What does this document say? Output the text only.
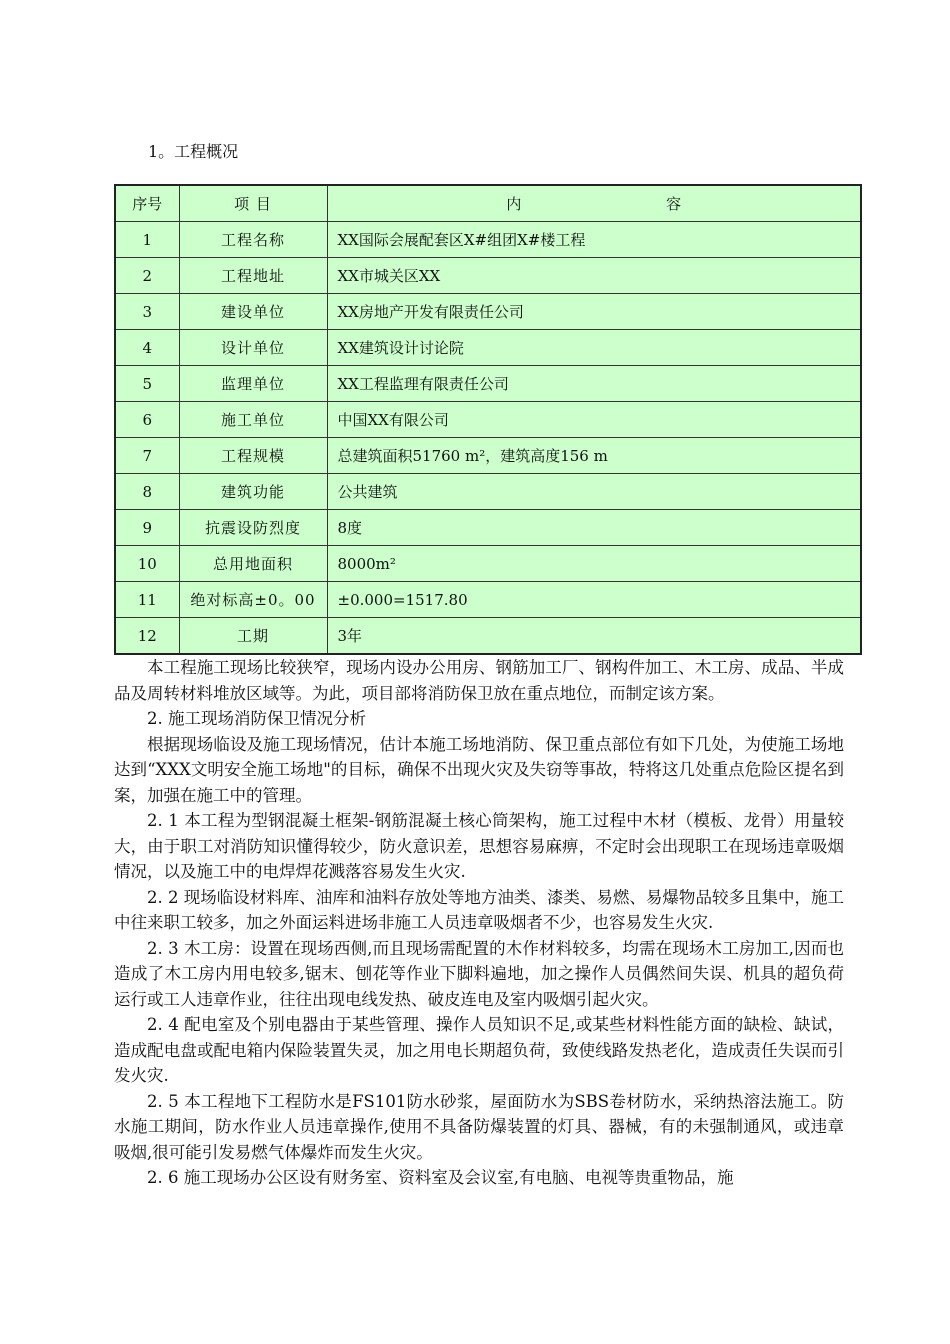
1。工程概况
序号	项 目	内 容
1	工程名称	XX国际会展配套区X#组团X#楼工程
2	工程地址	XX市城关区XX
3	建设单位	XX房地产开发有限责任公司
4	设计单位	XX建筑设计讨论院
5	监理单位	XX工程监理有限责任公司
6	施工单位	中国XX有限公司
7	工程规模	总建筑面积51760 m²，建筑高度156 m
8	建筑功能	公共建筑
9	抗震设防烈度	8度
10	总用地面积	8000m²
11	绝对标高±0。00	±0.000=1517.80
12	工期	3年

本工程施工现场比较狭窄，现场内设办公用房、钢筋加工厂、钢构件加工、木工房、成品、半成品及周转材料堆放区域等。为此，项目部将消防保卫放在重点地位，而制定该方案。

2. 施工现场消防保卫情况分析

根据现场临设及施工现场情况，估计本施工场地消防、保卫重点部位有如下几处，为使施工场地达到“XXX文明安全施工场地"的目标，确保不出现火灾及失窃等事故，特将这几处重点危险区提名到案，加强在施工中的管理。

2. 1 本工程为型钢混凝土框架-钢筋混凝土核心筒架构，施工过程中木材（模板、龙骨）用量较大，由于职工对消防知识懂得较少，防火意识差，思想容易麻痹，不定时会出现职工在现场违章吸烟情况，以及施工中的电焊焊花溅落容易发生火灾.

2. 2 现场临设材料库、油库和油料存放处等地方油类、漆类、易燃、易爆物品较多且集中，施工中往来职工较多，加之外面运料进场非施工人员违章吸烟者不少，也容易发生火灾.

2. 3 木工房：设置在现场西侧,而且现场需配置的木作材料较多，均需在现场木工房加工,因而也造成了木工房内用电较多,锯末、刨花等作业下脚料遍地，加之操作人员偶然间失误、机具的超负荷运行或工人违章作业，往往出现电线发热、破皮连电及室内吸烟引起火灾。

2. 4 配电室及个别电器由于某些管理、操作人员知识不足,或某些材料性能方面的缺检、缺试，造成配电盘或配电箱内保险装置失灵，加之用电长期超负荷，致使线路发热老化，造成责任失误而引发火灾.

2. 5 本工程地下工程防水是FS101防水砂浆，屋面防水为SBS卷材防水，采纳热溶法施工。防水施工期间，防水作业人员违章操作,使用不具备防爆装置的灯具、器械，有的未强制通风，或违章吸烟,很可能引发易燃气体爆炸而发生火灾。

2. 6 施工现场办公区设有财务室、资料室及会议室,有电脑、电视等贵重物品，施
